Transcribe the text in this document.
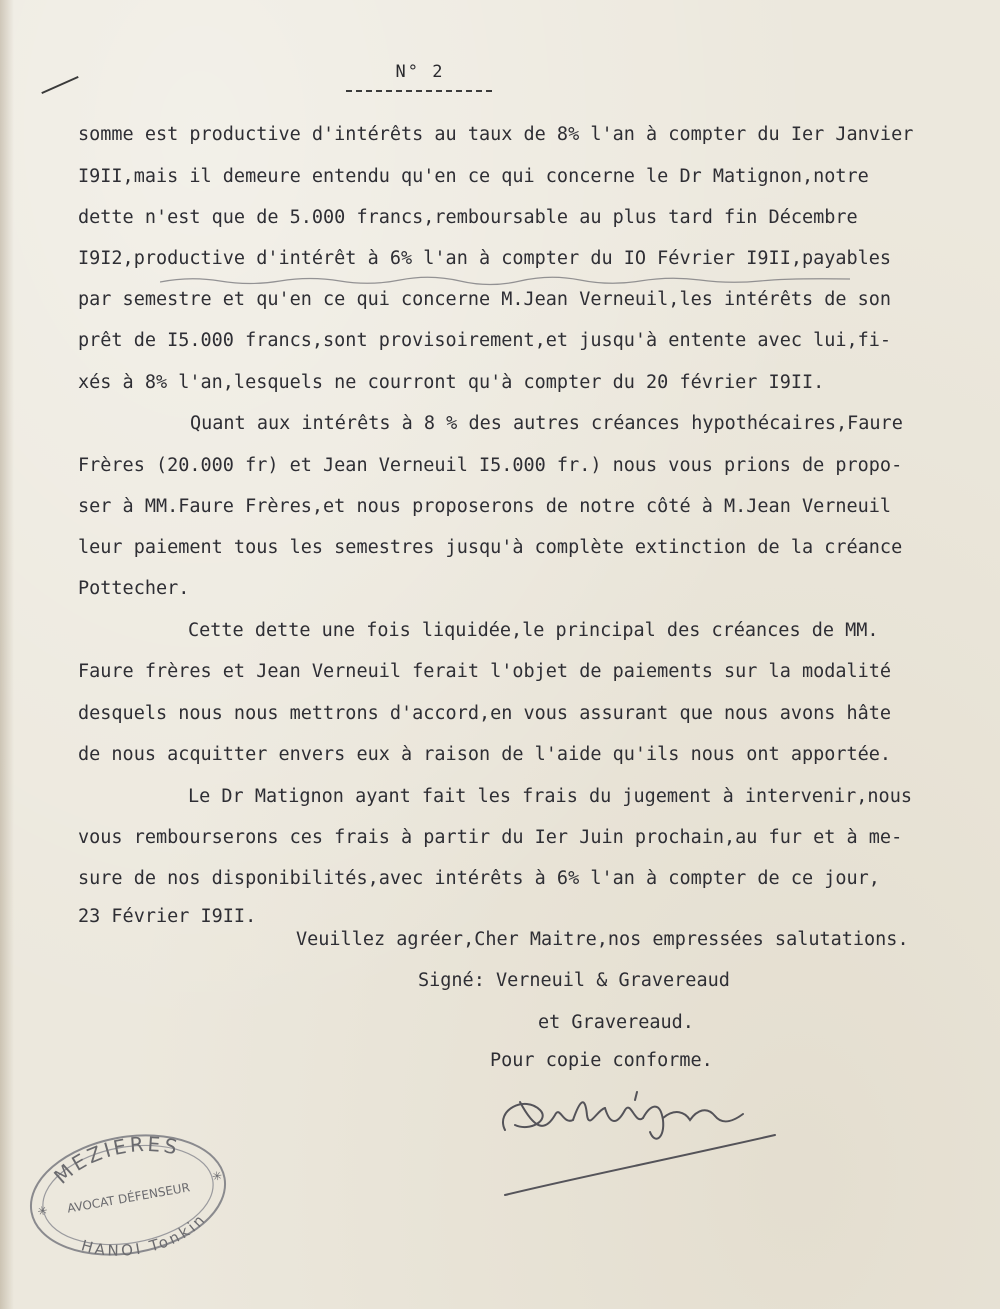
N° 2
somme est productive d'intérêts au taux de 8% l'an à compter du Ier Janvier
I9II,mais il demeure entendu qu'en ce qui concerne le Dr Matignon,notre
dette n'est que de 5.000 francs,remboursable au plus tard fin Décembre
I9I2,productive d'intérêt à 6% l'an à compter du IO Février I9II,payables
par semestre et qu'en ce qui concerne M.Jean Verneuil,les intérêts de son
prêt de I5.000 francs,sont provisoirement,et jusqu'à entente avec lui,fi-
xés à 8% l'an,lesquels ne courront qu'à compter du 20 février I9II.
Quant aux intérêts à 8 % des autres créances hypothécaires,Faure
Frères (20.000 fr) et Jean Verneuil I5.000 fr.) nous vous prions de propo-
ser à MM.Faure Frères,et nous proposerons de notre côté à M.Jean Verneuil
leur paiement tous les semestres jusqu'à complète extinction de la créance
Pottecher.
Cette dette une fois liquidée,le principal des créances de MM.
Faure frères et Jean Verneuil ferait l'objet de paiements sur la modalité
desquels nous nous mettrons d'accord,en vous assurant que nous avons hâte
de nous acquitter envers eux à raison de l'aide qu'ils nous ont apportée.
Le Dr Matignon ayant fait les frais du jugement à intervenir,nous
vous rembourserons ces frais à partir du Ier Juin prochain,au fur et à me-
sure de nos disponibilités,avec intérêts à 6% l'an à compter de ce jour,
23 Février I9II.
Veuillez agréer,Cher Maitre,nos empressées salutations.
Signé: Verneuil & Gravereaud
et Gravereaud.
Pour copie conforme.
MEZIERES
AVOCAT DÉFENSEUR
HANOI Tonkin
✳
✳
